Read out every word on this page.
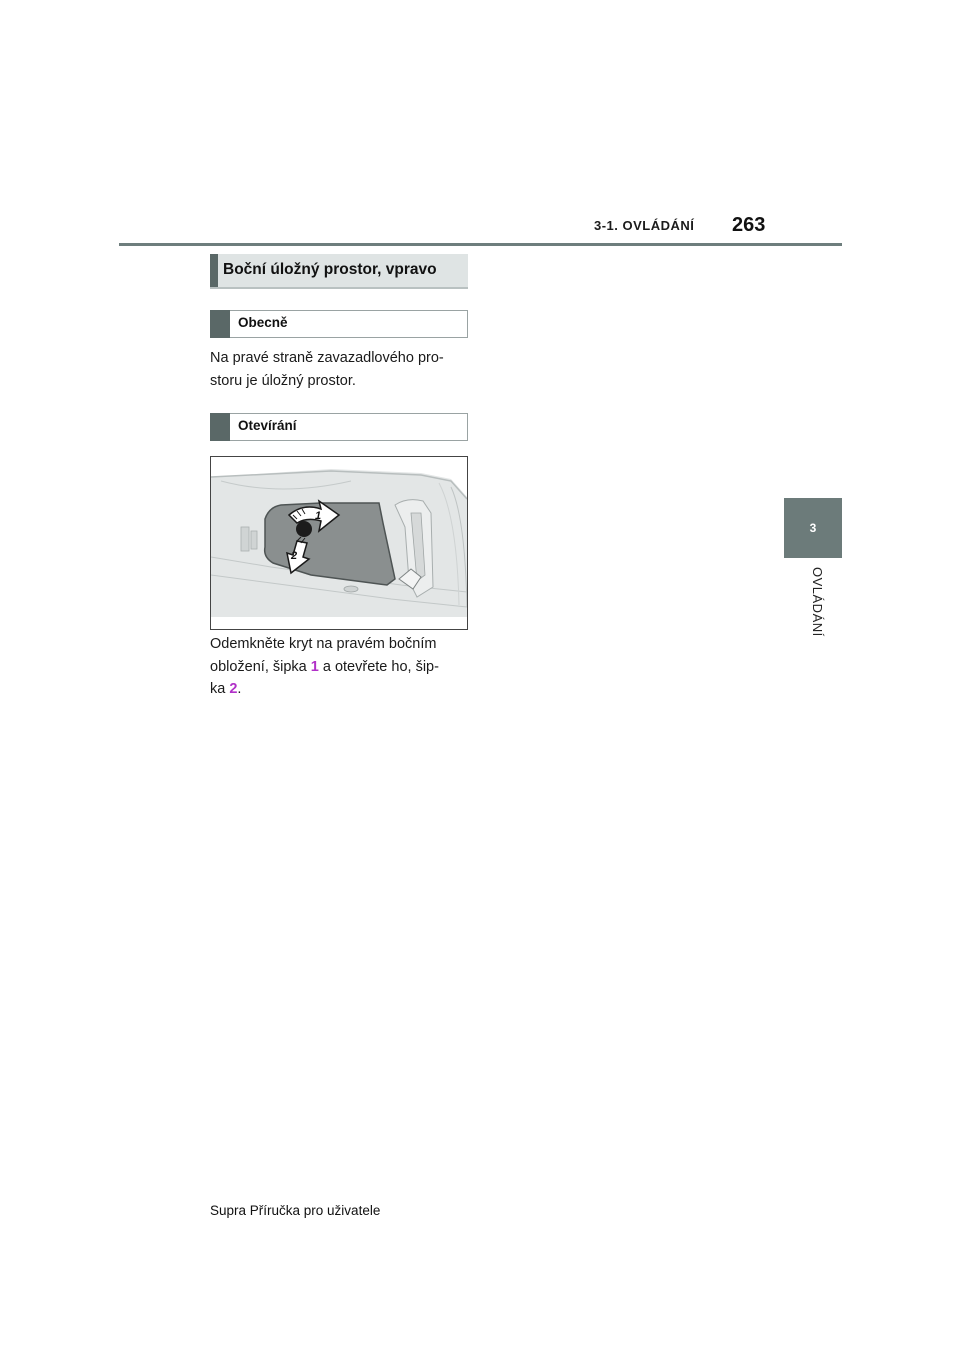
3-1. OVLÁDÁNÍ 263
3
OVLÁDÁNÍ
Boční úložný prostor, vpravo
Obecně
Na pravé straně zavazadlového pro-
storu je úložný prostor.
Otevírání
1
2
Odemkněte kryt na pravém bočním
obložení, šipka 1 a otevřete ho, šip-
ka 2.
Supra Příručka pro uživatele
